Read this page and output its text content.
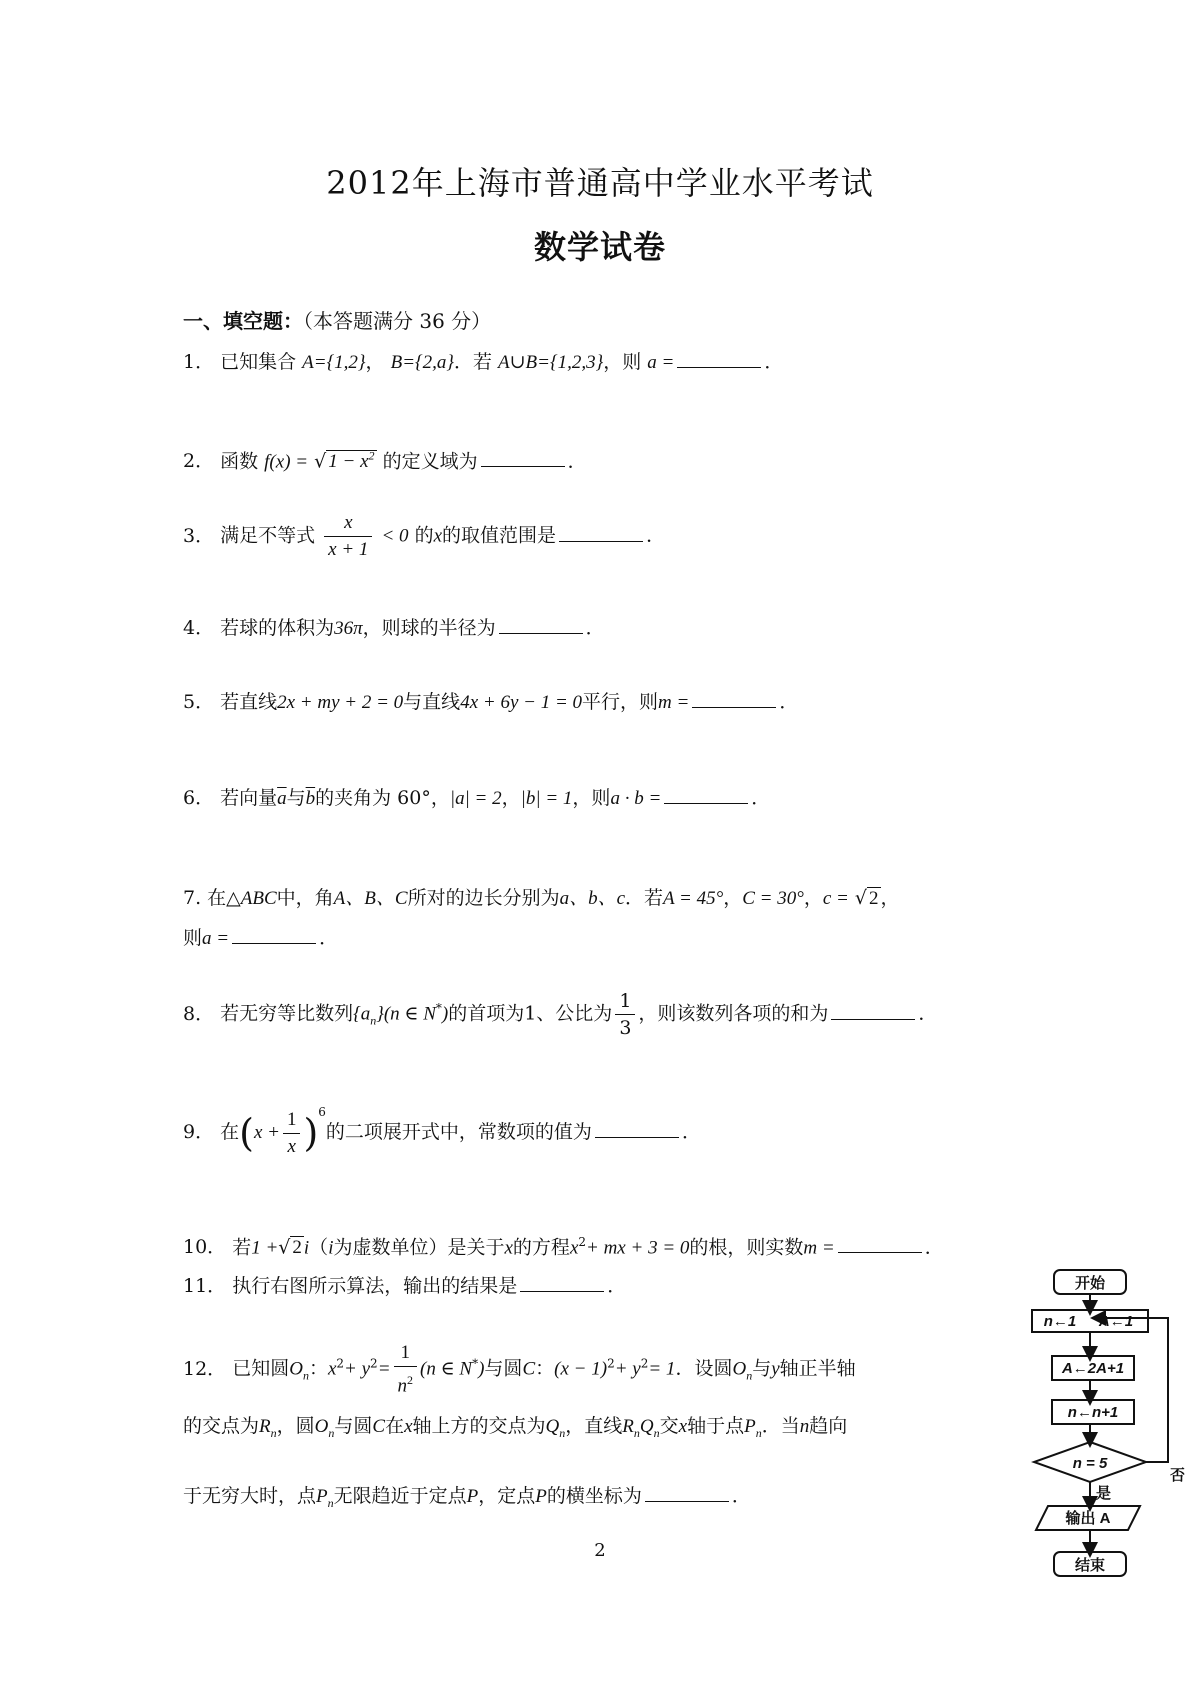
2012年上海市普通高中学业水平考试
数学试卷
一、填空题：（本答题满分 36 分）
1． 已知集合 A={1,2}， B={2,a}．若 A∪B={1,2,3}，则 a =	．
2． 函数 f(x) = √ $1 - x^2$ 的定义域为	．
3． 满足不等式 $\frac{x}{x + 1} < 0$ 的x的取值范围是	．
4． 若球的体积为36π，则球的半径为	．
5． 若直线2x + my + 2 = 0与直线4x + 6y − 1 = 0平行，则m =	．
6． 若向量$\overline{a}$与$\overline{b}$的夹角为 60°，|a| = 2，|b| = 1，则a · b =	．
7. 在△ABC中，角A、B、C所对的边长分别为a、b、c．若A = 45°，C = 30°，c = √ 2 ，
则a =	．
8． 若无穷等比数列$\{a_n\}(n$ ∈ N*)的首项为1、公比为 $\frac{1}{3}$ ，则该数列各项的和为	．
9． 在$(x + \frac{1}{x} )^6$的二项展开式中，常数项的值为	．
10． 若1 +√ 2 i（i为虚数单位）是关于x的方程$x^2+$ mx + 3 = 0的根，则实数m =	．
11． 执行右图所示算法，输出的结果是	．
12． 已知圆$O_n$：$x^2+ y^2= \frac{1}{n^2} (n$ ∈ N*)与圆C：$(x - 1)^2+ y^2= 1$．设圆$O_n$与y轴正半轴
的交点为$R_n$，圆$O_n$与圆C在x轴上方的交点为$Q_n$，直线$R_nQ_n$交x轴于点$P_n$．当n趋向
于无穷大时，点$P_n$无限趋近于定点P，定点P的横坐标为	．
开始
n←1 A←1
A←2A+1
n←n+1
n = 5
否
是
输出 A
结束
2
